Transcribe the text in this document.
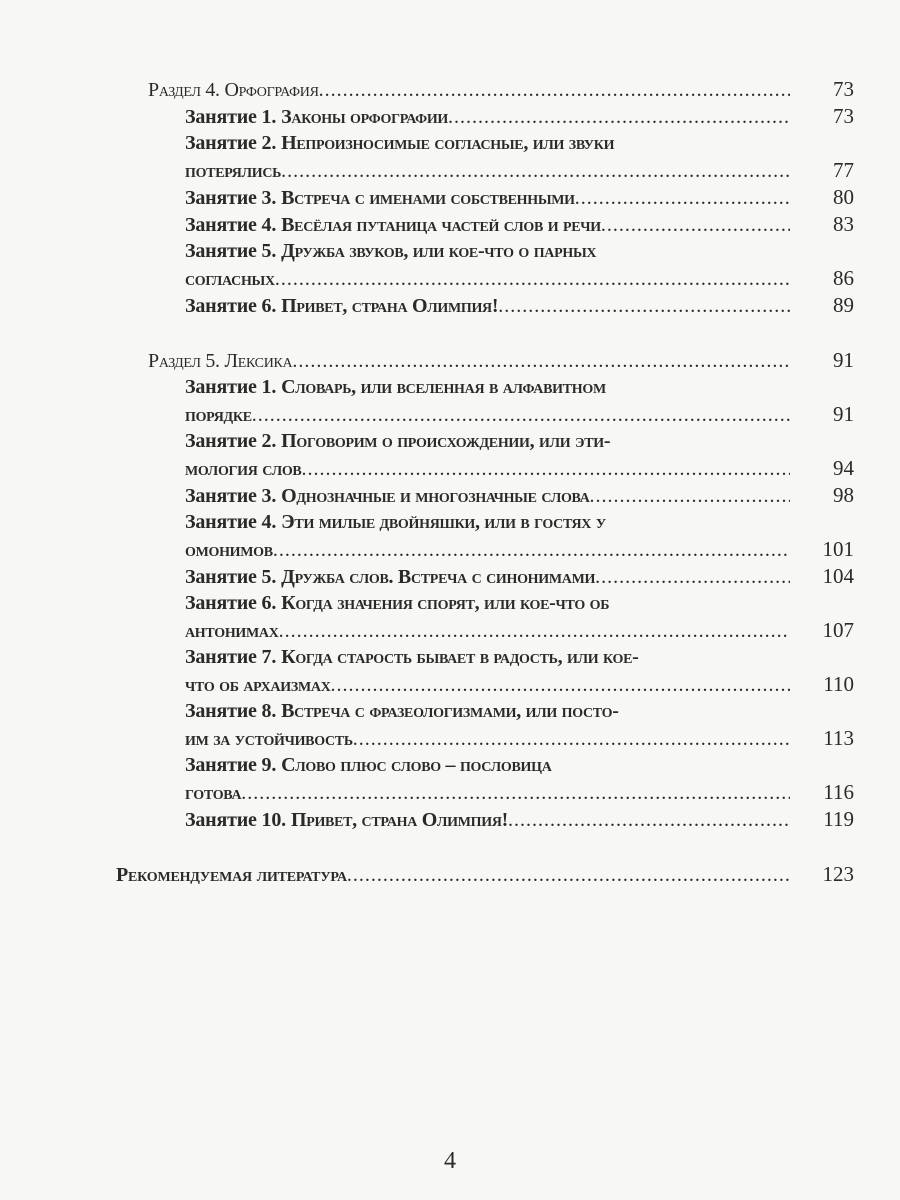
Раздел 4. Орфография .....	73
Занятие 1. Законы орфографии .....	73
Занятие 2. Непроизносимые согласные, или звуки
потерялись .....	77
Занятие 3. Встреча с именами собственными .....	80
Занятие 4. Весёлая путаница частей слов и речи .....	83
Занятие 5. Дружба звуков, или кое-что о парных
согласных .....	86
Занятие 6. Привет, страна Олимпия! .....	89
Раздел 5. Лексика .....	91
Занятие 1. Словарь, или вселенная в алфавитном
порядке .....	91
Занятие 2. Поговорим о происхождении, или эти-
мология слов .....	94
Занятие 3. Однозначные и многозначные слова .....	98
Занятие 4. Эти милые двойняшки, или в гостях у
омонимов .....	101
Занятие 5. Дружба слов. Встреча с синонимами .....	104
Занятие 6. Когда значения спорят, или кое-что об
антонимах .....	107
Занятие 7. Когда старость бывает в радость, или кое-
что об архаизмах .....	110
Занятие 8. Встреча с фразеологизмами, или посто-
им за устойчивость .....	113
Занятие 9. Слово плюс слово – пословица
готова .....	116
Занятие 10. Привет, страна Олимпия! .....	119
Рекомендуемая литература .....	123
4
